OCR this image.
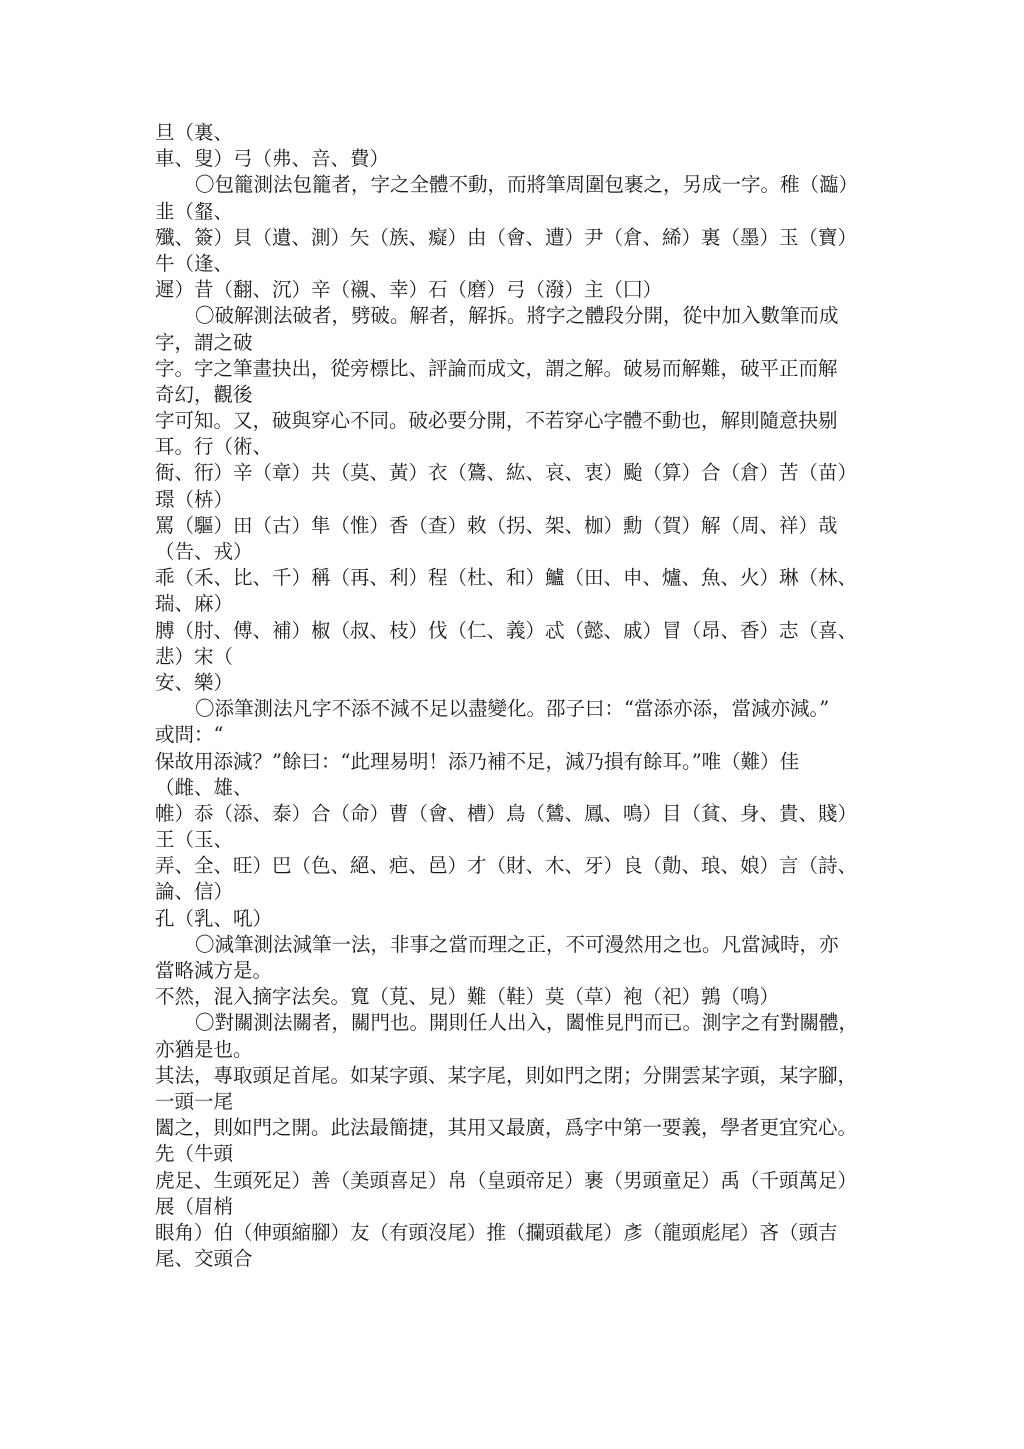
旦（裏、

車、叟）弓（弗、咅、費）

〇包籠測法包籠者，字之全體不動，而將筆周圍包裹之，另成一字。稚（瀶）

韭（韰、

殲、簽）貝（遺、測）矢（族、癡）由（會、遭）尹（倉、絺）裏（墨）玉（寶）

牛（逢、

遲）昔（翻、沉）辛（襯、幸）石（磨）弓（潑）主（囗）

〇破解測法破者，劈破。解者，解拆。將字之體段分開，從中加入數筆而成

字，謂之破

字。字之筆畫抉出，從旁標比、評論而成文，謂之解。破易而解難，破平正而解

奇幻，觀後

字可知。又，破與穿心不同。破必要分開，不若穿心字體不動也，解則隨意抉剔

耳。行（術、

衙、衎）辛（章）共（莫、黃）衣（鷟、紘、哀、衷）颱（算）合（倉）苦（苗）

璟（枿）

罵（驅）田（古）隼（惟）香（查）敕（拐、架、枷）勳（賀）解（周、祥）哉

（告、戎）

乖（禾、比、千）稱（再、利）程（杜、和）鱸（田、申、爐、魚、火）琳（林、

瑞、麻）

膊（肘、傅、補）椒（叔、枝）伐（仁、義）忒（懿、戚）冒（昂、香）志（喜、

悲）宋（

安、樂）

〇添筆測法凡字不添不減不足以盡變化。邵子曰：“當添亦添，當減亦減。”

或問：“

保故用添減？”餘曰：“此理易明！添乃補不足，減乃損有餘耳。”唯（難）佳

（雌、雄、

帷）忝（添、泰）合（命）曹（會、槽）鳥（鷥、鳳、鳴）目（貧、身、貴、賤）

王（玉、

弄、全、旺）巴（色、絕、疤、邑）才（財、木、牙）良（勣、琅、娘）言（詩、

論、信）

孔（乳、吼）

〇減筆測法減筆一法，非事之當而理之正，不可漫然用之也。凡當減時，亦

當略減方是。

不然，混入摘字法矣。寬（莧、見）難（鞋）莫（草）袍（祀）鶉（鳴）

〇對關測法關者，關門也。開則任人出入，闔惟見門而已。測字之有對關體，

亦猶是也。

其法，專取頭足首尾。如某字頭、某字尾，則如門之閉；分開雲某字頭，某字腳，

一頭一尾

闔之，則如門之開。此法最簡捷，其用又最廣，爲字中第一要義，學者更宜究心。

先（牛頭

虎足、生頭死足）善（美頭喜足）帛（皇頭帝足）裹（男頭童足）禹（千頭萬足）

展（眉梢

眼角）伯（伸頭縮腳）友（有頭沒尾）推（攔頭截尾）彥（龍頭彪尾）吝（頭吉

尾、交頭合
